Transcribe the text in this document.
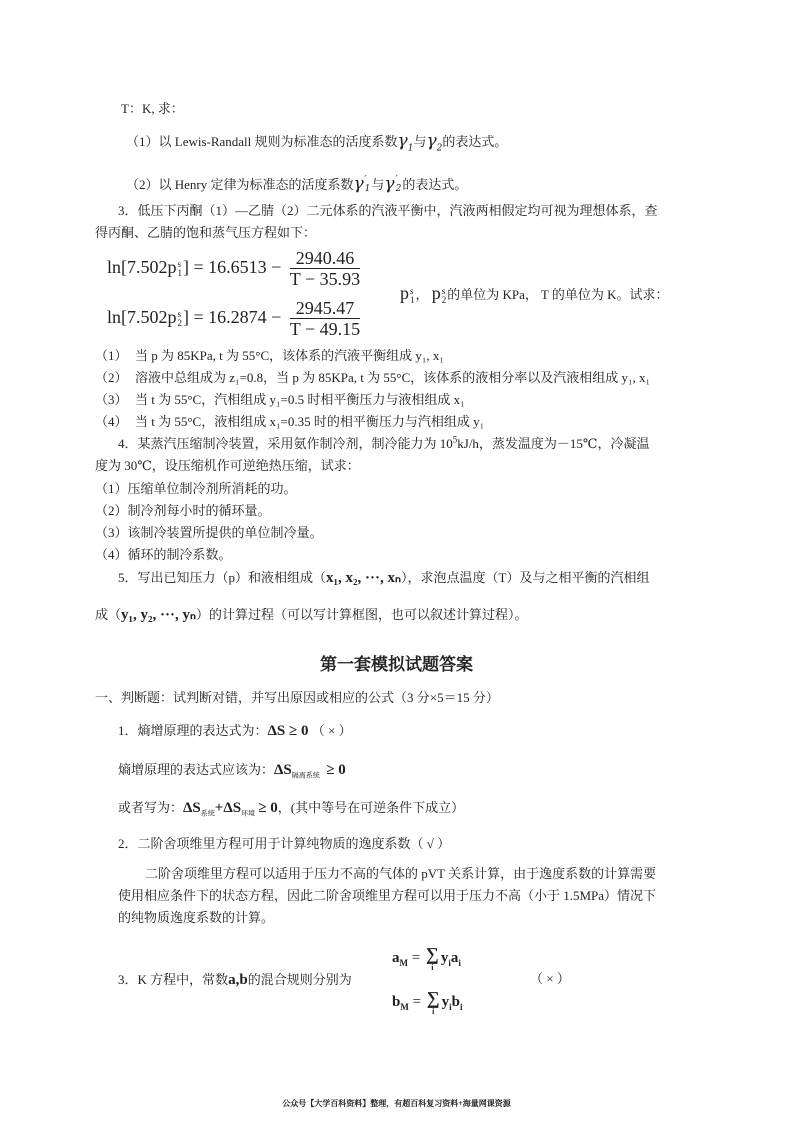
T：K, 求：
（1）以 Lewis-Randall 规则为标准态的活度系数$\gamma_1$与$\gamma_2$的表达式。
（2）以 Henry 定律为标准态的活度系数γ ′
1 与γ ′
2 的表达式。
3．低压下丙酮（1）—乙腈（2）二元体系的汽液平衡中，汽液两相假定均可视为理想体系，查
得丙酮、乙腈的饱和蒸气压方程如下：
ln[7.502p s
1 ] = $16.6513 - \frac{2940.46}{T - 35.93}$
ln[7.502p s
2 ] = $16.2874 - \frac{2945.47}{T - 49.15}$
p s
1 ， p s
2 的单位为 KPa， T 的单位为 K。试求：
（1） 当 p 为 85KPa, t 为 55°C，该体系的汽液平衡组成 y₁, x₁
（2） 溶液中总组成为 z₁=0.8，当 p 为 85KPa, t 为 55°C，该体系的液相分率以及汽液相组成 y₁, x₁
（3） 当 t 为 55°C，汽相组成 y₁=0.5 时相平衡压力与液相组成 x₁
（4） 当 t 为 55°C，液相组成 x₁=0.35 时的相平衡压力与汽相组成 y₁
4．某蒸汽压缩制冷装置，采用氨作制冷剂，制冷能力为 $10^5kJ/h$，蒸发温度为－15℃，冷凝温
度为 30℃，设压缩机作可逆绝热压缩，试求：
（1）压缩单位制冷剂所消耗的功。
（2）制冷剂每小时的循环量。
（3）该制冷装置所提供的单位制冷量。
（4）循环的制冷系数。
5．写出已知压力（p）和液相组成（x₁, x₂, ···, xₙ），求泡点温度（T）及与之相平衡的汽相组
成（y₁, y₂, ···, yₙ）的计算过程（可以写计算框图，也可以叙述计算过程）。
第一套模拟试题答案
一、判断题：试判断对错，并写出原因或相应的公式（3 分×5＝15 分）
1．熵增原理的表达式为：ΔS ≥ 0 （ × ）
熵增原理的表达式应该为：$\Delta S_{隔离系统} \ge 0$
或者写为：$\Delta S_{系统}+\Delta S_{环境} \ge 0$，(其中等号在可逆条件下成立）
2．二阶舍项维里方程可用于计算纯物质的逸度系数（ √ ）
二阶舍项维里方程可以适用于压力不高的气体的 pVT 关系计算，由于逸度系数的计算需要
使用相应条件下的状态方程，因此二阶舍项维里方程可以用于压力不高（小于 1.5MPa）情况下
的纯物质逸度系数的计算。
3．K 方程中，常数a,b的混合规则分别为
$a_M$ = ∑
i
$y_ia_i$
$b_M$ = ∑
i
$y_ib_i$
（ × ）
公众号【大学百科资料】整理，有超百科复习资料+海量网课资源
